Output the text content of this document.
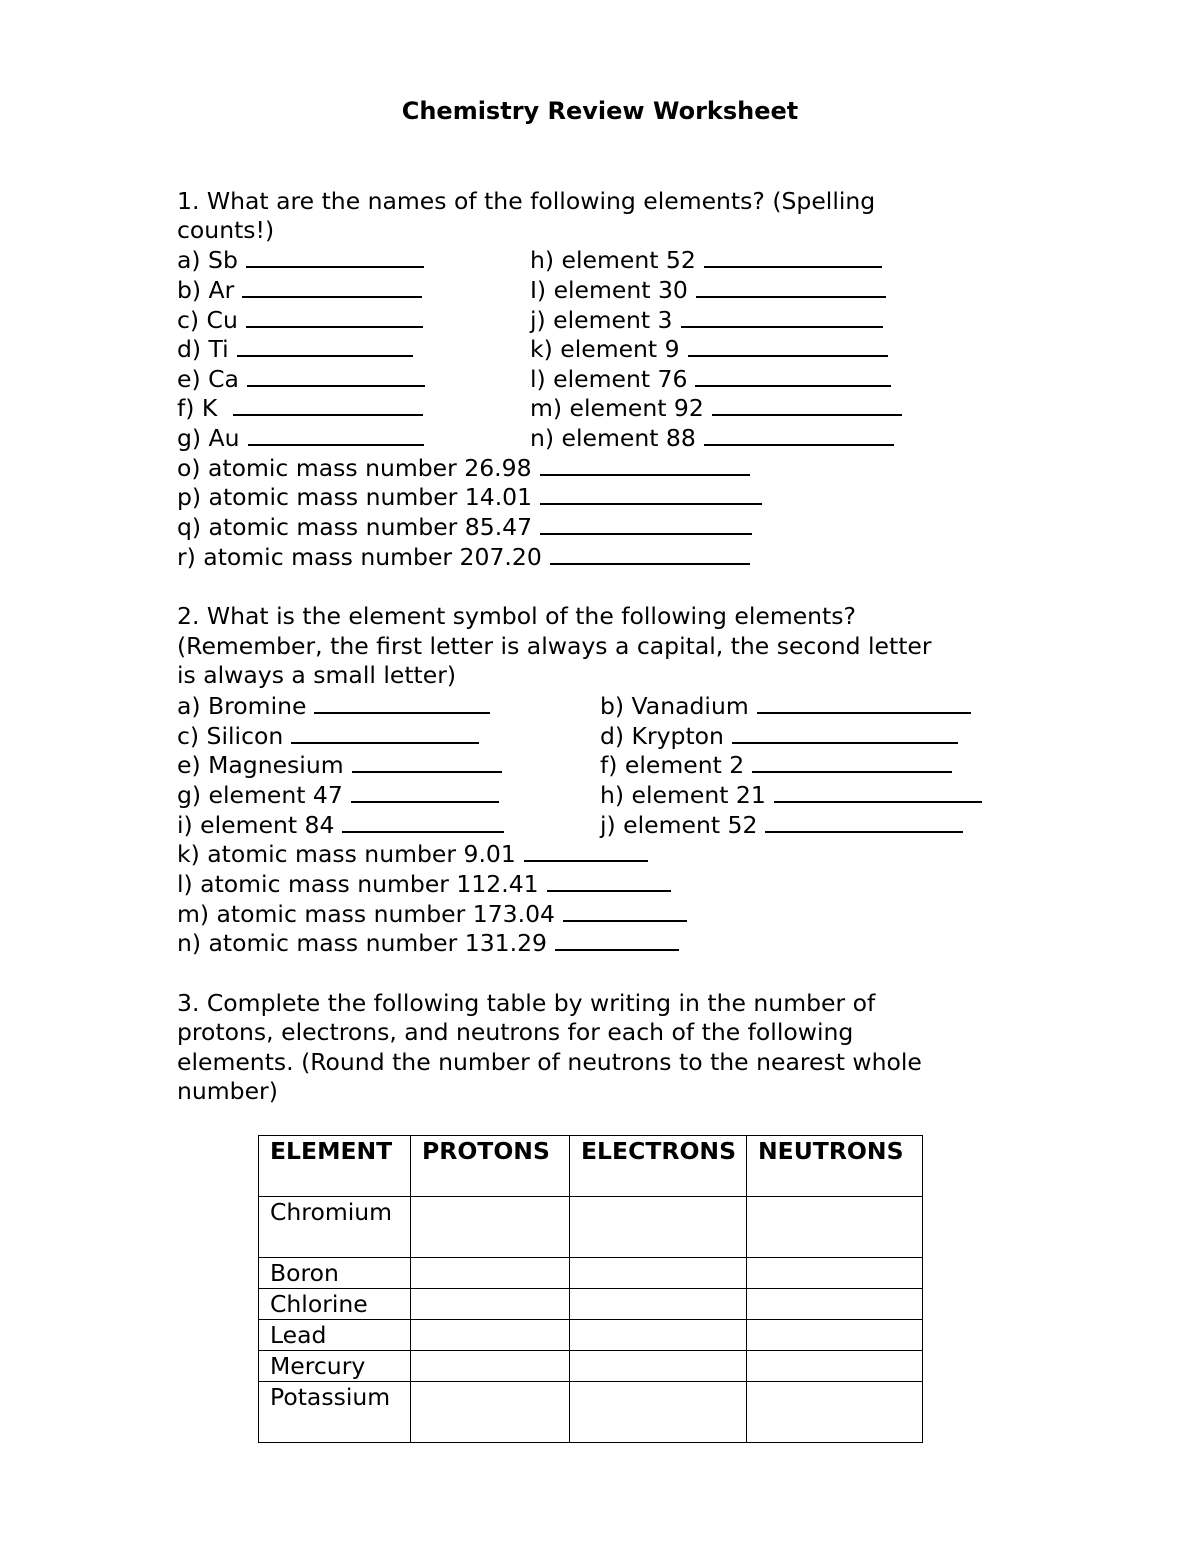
Chemistry Review Worksheet
1. What are the names of the following elements? (Spelling
counts!)
a) Sb
b) Ar
c) Cu
d) Ti
e) Ca
f) K
g) Au
h) element 52
I) element 30
j) element 3
k) element 9
l) element 76
m) element 92
n) element 88
o) atomic mass number 26.98
p) atomic mass number 14.01
q) atomic mass number 85.47
r) atomic mass number 207.20
2. What is the element symbol of the following elements?
(Remember, the first letter is always a capital, the second letter
is always a small letter)
a) Bromine
c) Silicon
e) Magnesium
g) element 47
i) element 84
b) Vanadium
d) Krypton
f) element 2
h) element 21
j) element 52
k) atomic mass number 9.01
l) atomic mass number 112.41
m) atomic mass number 173.04
n) atomic mass number 131.29
3. Complete the following table by writing in the number of
protons, electrons, and neutrons for each of the following
elements. (Round the number of neutrons to the nearest whole
number)
ELEMENT	PROTONS	ELECTRONS	NEUTRONS
Chromium			
Boron			
Chlorine			
Lead			
Mercury			
Potassium			
